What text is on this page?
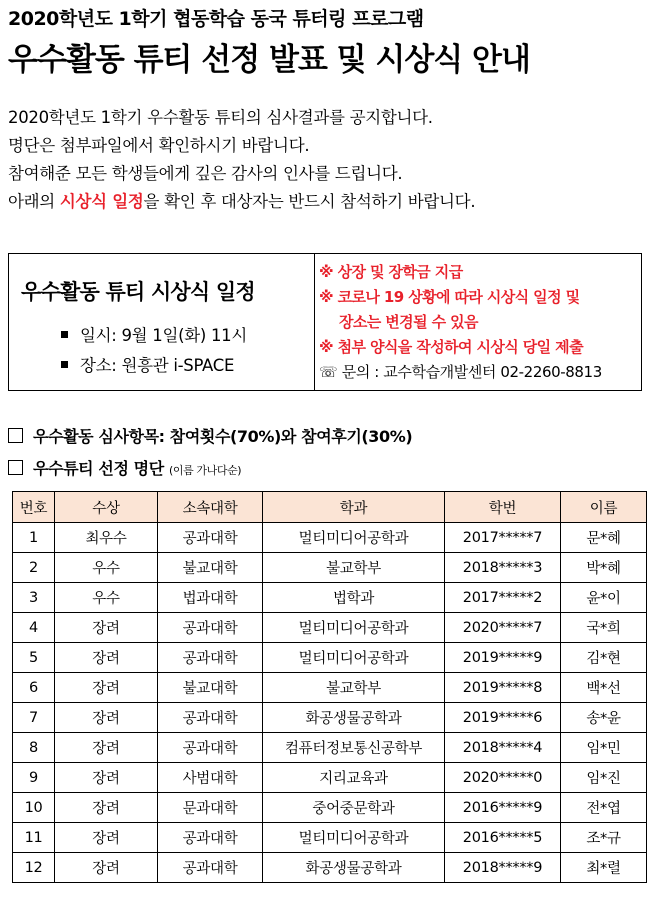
2020학년도 1학기 협동학습 동국 튜터링 프로그램
우수활동 튜티 선정 발표 및 시상식 안내

2020학년도 1학기 우수활동 튜티의 심사결과를 공지합니다.

명단은 첨부파일에서 확인하시기 바랍니다.

참여해준 모든 학생들에게 깊은 감사의 인사를 드립니다.

아래의 시상식 일정을 확인 후 대상자는 반드시 참석하기 바랍니다.

우수활동 튜티 시상식 일정
일시: 9월 1일(화) 11시
장소: 원흥관 i-SPACE
※ 상장 및 장학금 지급
※ 코로나 19 상황에 따라 시상식 일정 및
장소는 변경될 수 있음
※ 첨부 양식을 작성하여 시상식 당일 제출
☏ 문의 : 교수학습개발센터 02-2260-8813
우수활동 심사항목: 참여횟수(70%)와 참여후기(30%)
우수튜티 선정 명단 (이름 가나다순)
번호	수상	소속대학	학과	학번	이름
1	최우수	공과대학	멀티미디어공학과	2017*****7	문*혜
2	우수	불교대학	불교학부	2018*****3	박*혜
3	우수	법과대학	법학과	2017*****2	윤*이
4	장려	공과대학	멀티미디어공학과	2020*****7	국*희
5	장려	공과대학	멀티미디어공학과	2019*****9	김*현
6	장려	불교대학	불교학부	2019*****8	백*선
7	장려	공과대학	화공생물공학과	2019*****6	송*윤
8	장려	공과대학	컴퓨터정보통신공학부	2018*****4	임*민
9	장려	사범대학	지리교육과	2020*****0	임*진
10	장려	문과대학	중어중문학과	2016*****9	전*엽
11	장려	공과대학	멀티미디어공학과	2016*****5	조*규
12	장려	공과대학	화공생물공학과	2018*****9	최*렬
